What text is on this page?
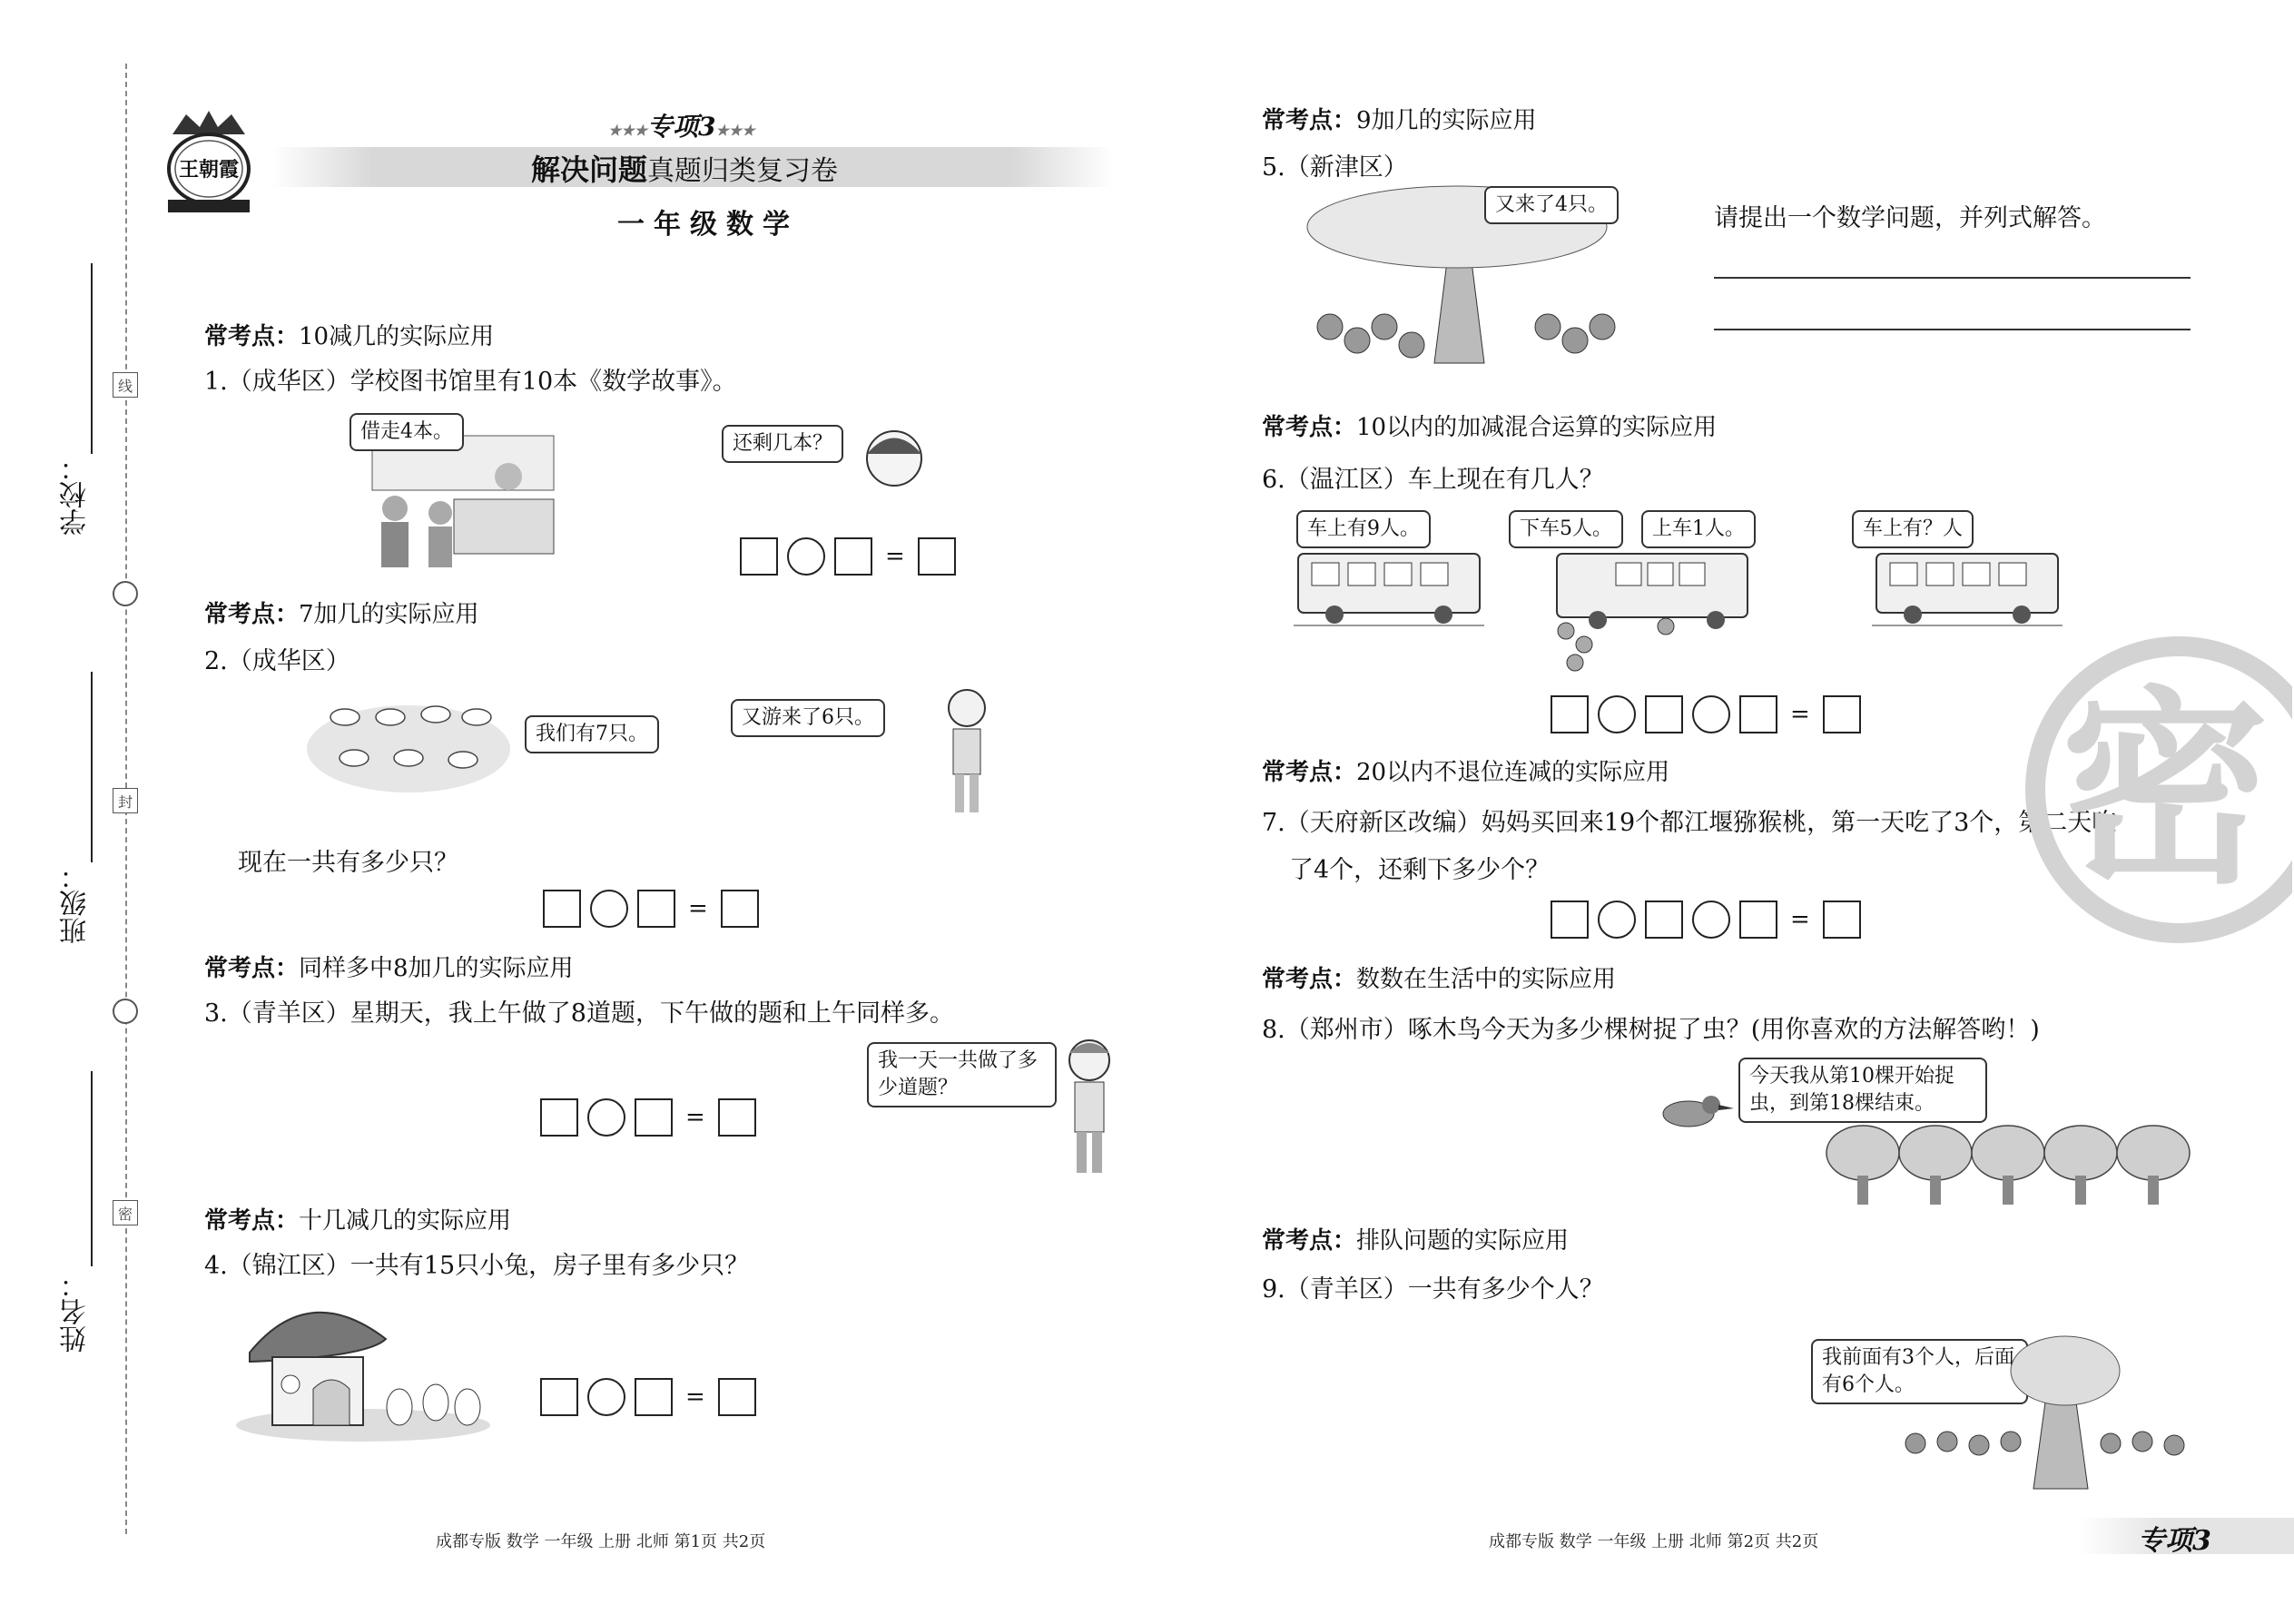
学校：
班级：
姓名：
线
封
密
王朝霞
★★★专项3★★★
解决问题真题归类复习卷
一年级数学
常考点：10减几的实际应用
1.（成华区）学校图书馆里有10本《数学故事》。
借走4本。
还剩几本？
=
常考点：7加几的实际应用
2.（成华区）
我们有7只。
又游来了6只。
现在一共有多少只？
=
常考点：同样多中8加几的实际应用
3.（青羊区）星期天，我上午做了8道题，下午做的题和上午同样多。
我一天一共做了多少道题？
=
常考点：十几减几的实际应用
4.（锦江区）一共有15只小兔，房子里有多少只？
=
成都专版 数学 一年级 上册 北师 第1页 共2页
常考点：9加几的实际应用
5.（新津区）
又来了4只。	请提出一个数学问题，并列式解答。
常考点：10以内的加减混合运算的实际应用
6.（温江区）车上现在有几人？
车上有9人。	下车5人。	上车1人。	车上有？人
=
常考点：20以内不退位连减的实际应用
7.（天府新区改编）妈妈买回来19个都江堰猕猴桃，第一天吃了3个，第二天吃
了4个，还剩下多少个？
=
常考点：数数在生活中的实际应用
8.（郑州市）啄木鸟今天为多少棵树捉了虫？(用你喜欢的方法解答哟！)
今天我从第10棵开始捉虫，到第18棵结束。
常考点：排队问题的实际应用
9.（青羊区）一共有多少个人？
我前面有3个人，后面有6个人。
成都专版 数学 一年级 上册 北师 第2页 共2页	专项3
密
